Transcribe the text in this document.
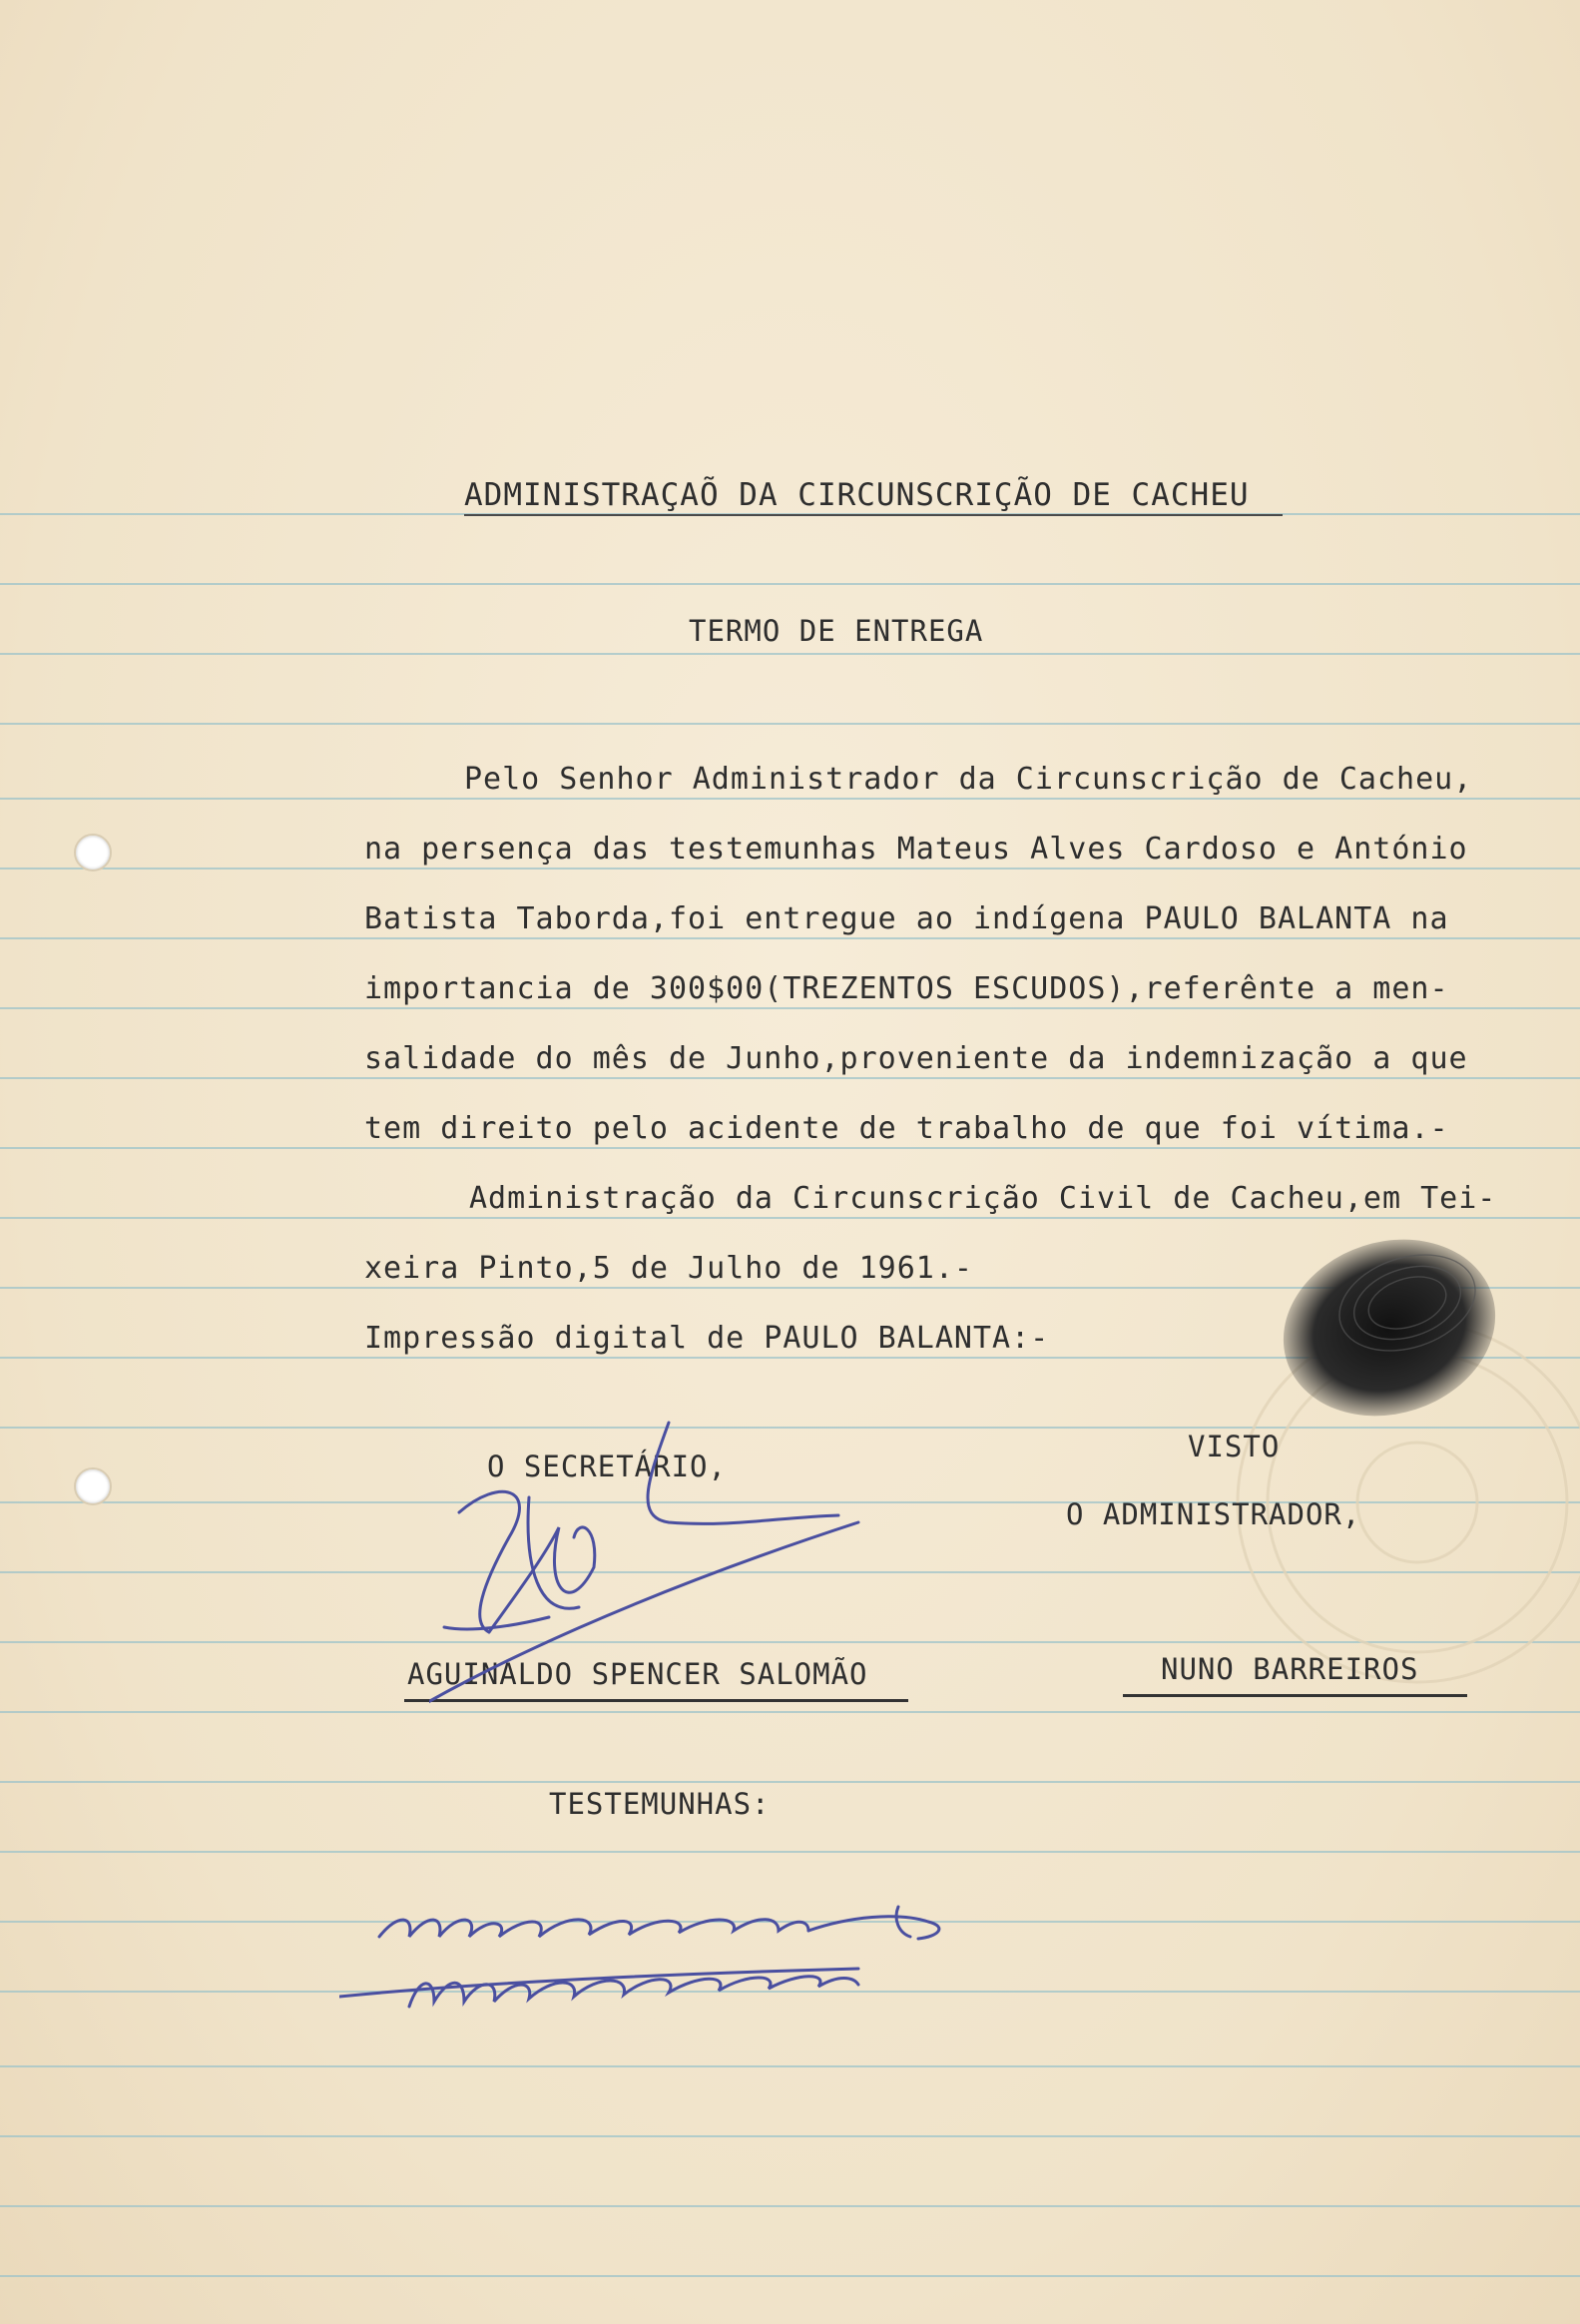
ADMINISTRAÇAÕ DA CIRCUNSCRIÇÃO DE CACHEU
TERMO DE ENTREGA
Pelo Senhor Administrador da Circunscrição de Cacheu,
na persença das testemunhas Mateus Alves Cardoso e António
Batista Taborda,foi entregue ao indígena PAULO BALANTA na
importancia de 300$00(TREZENTOS ESCUDOS),referênte a men-
salidade do mês de Junho,proveniente da indemnização a que
tem direito pelo acidente de trabalho de que foi vítima.-
Administração da Circunscrição Civil de Cacheu,em Tei-
xeira Pinto,5 de Julho de 1961.-
Impressão digital de PAULO BALANTA:-
O SECRETÁRIO,
VISTO
O ADMINISTRADOR,
AGUINALDO SPENCER SALOMÃO	NUNO BARREIROS
TESTEMUNHAS:
